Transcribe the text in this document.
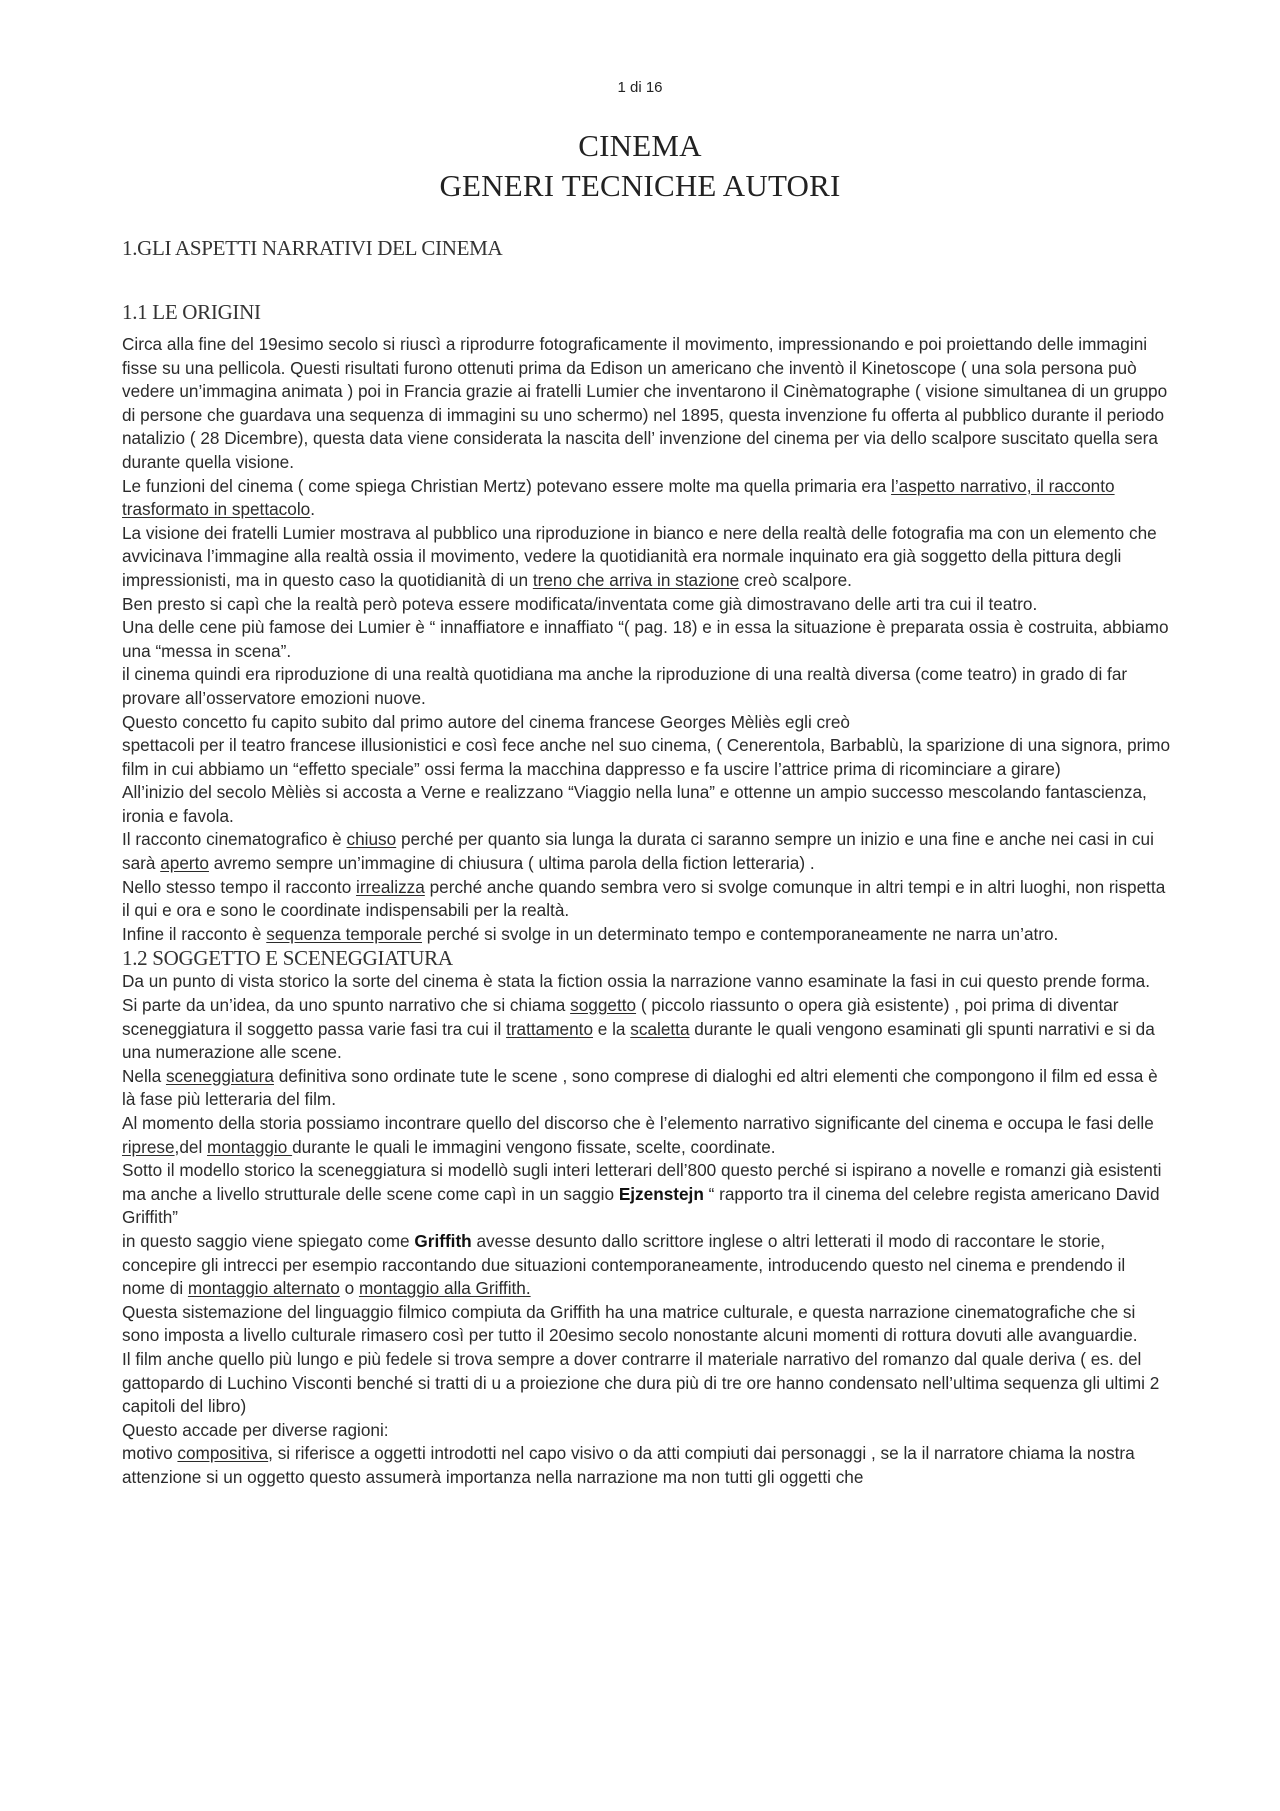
1 di 16
CINEMA
GENERI TECNICHE AUTORI
1.GLI ASPETTI NARRATIVI DEL CINEMA
1.1 LE ORIGINI

Circa alla fine del 19esimo secolo si riuscì a riprodurre fotograficamente il movimento, impressionando e poi proiettando delle immagini fisse su una pellicola. Questi risultati furono ottenuti prima da Edison un americano che inventò il Kinetoscope ( una sola persona può vedere un’immagina animata ) poi in Francia grazie ai fratelli Lumier che inventarono il Cinèmatographe ( visione simultanea di un gruppo di persone che guardava una sequenza di immagini su uno schermo) nel 1895, questa invenzione fu offerta al pubblico durante il periodo natalizio ( 28 Dicembre), questa data viene considerata la nascita dell’ invenzione del cinema per via dello scalpore suscitato quella sera durante quella visione.

Le funzioni del cinema ( come spiega Christian Mertz) potevano essere molte ma quella primaria era l’aspetto narrativo, il racconto trasformato in spettacolo.

La visione dei fratelli Lumier mostrava al pubblico una riproduzione in bianco e nere della realtà delle fotografia ma con un elemento che avvicinava l’immagine alla realtà ossia il movimento, vedere la quotidianità era normale inquinato era già soggetto della pittura degli impressionisti, ma in questo caso la quotidianità di un treno che arriva in stazione creò scalpore.

Ben presto si capì che la realtà però poteva essere modificata/inventata come già dimostravano delle arti tra cui il teatro.

Una delle cene più famose dei Lumier è “ innaffiatore e innaffiato “( pag. 18) e in essa la situazione è preparata ossia è costruita, abbiamo una “messa in scena”.

il cinema quindi era riproduzione di una realtà quotidiana ma anche la riproduzione di una realtà diversa (come teatro) in grado di far provare all’osservatore emozioni nuove.

Questo concetto fu capito subito dal primo autore del cinema francese Georges Mèliès egli creò

spettacoli per il teatro francese illusionistici e così fece anche nel suo cinema, ( Cenerentola, Barbablù, la sparizione di una signora, primo film in cui abbiamo un “effetto speciale” ossi ferma la macchina dappresso e fa uscire l’attrice prima di ricominciare a girare)

All’inizio del secolo Mèliès si accosta a Verne e realizzano “Viaggio nella luna” e ottenne un ampio successo mescolando fantascienza, ironia e favola.

Il racconto cinematografico è chiuso perché per quanto sia lunga la durata ci saranno sempre un inizio e una fine e anche nei casi in cui sarà aperto avremo sempre un’immagine di chiusura ( ultima parola della fiction letteraria) .

Nello stesso tempo il racconto irrealizza perché anche quando sembra vero si svolge comunque in altri tempi e in altri luoghi, non rispetta il qui e ora e sono le coordinate indispensabili per la realtà.

Infine il racconto è sequenza temporale perché si svolge in un determinato tempo e contemporaneamente ne narra un’atro.

1.2 SOGGETTO E SCENEGGIATURA

Da un punto di vista storico la sorte del cinema è stata la fiction ossia la narrazione vanno esaminate la fasi in cui questo prende forma.

Si parte da un’idea, da uno spunto narrativo che si chiama soggetto ( piccolo riassunto o opera già esistente) , poi prima di diventar sceneggiatura il soggetto passa varie fasi tra cui il trattamento e la scaletta durante le quali vengono esaminati gli spunti narrativi e si da una numerazione alle scene.

Nella sceneggiatura definitiva sono ordinate tute le scene , sono comprese di dialoghi ed altri elementi che compongono il film ed essa è là fase più letteraria del film.

Al momento della storia possiamo incontrare quello del discorso che è l’elemento narrativo significante del cinema e occupa le fasi delle riprese,del montaggio durante le quali le immagini vengono fissate, scelte, coordinate.

Sotto il modello storico la sceneggiatura si modellò sugli interi letterari dell’800 questo perché si ispirano a novelle e romanzi già esistenti ma anche a livello strutturale delle scene come capì in un saggio Ejzenstejn “ rapporto tra il cinema del celebre regista americano David Griffith”

in questo saggio viene spiegato come Griffith avesse desunto dallo scrittore inglese o altri letterati il modo di raccontare le storie, concepire gli intrecci per esempio raccontando due situazioni contemporaneamente, introducendo questo nel cinema e prendendo il nome di montaggio alternato o montaggio alla Griffith.

Questa sistemazione del linguaggio filmico compiuta da Griffith ha una matrice culturale, e questa narrazione cinematografiche che si sono imposta a livello culturale rimasero così per tutto il 20esimo secolo nonostante alcuni momenti di rottura dovuti alle avanguardie.

Il film anche quello più lungo e più fedele si trova sempre a dover contrarre il materiale narrativo del romanzo dal quale deriva ( es. del gattopardo di Luchino Visconti benché si tratti di u a proiezione che dura più di tre ore hanno condensato nell’ultima sequenza gli ultimi 2 capitoli del libro)

Questo accade per diverse ragioni:

motivo compositiva, si riferisce a oggetti introdotti nel capo visivo o da atti compiuti dai personaggi , se la il narratore chiama la nostra attenzione si un oggetto questo assumerà importanza nella narrazione ma non tutti gli oggetti che
